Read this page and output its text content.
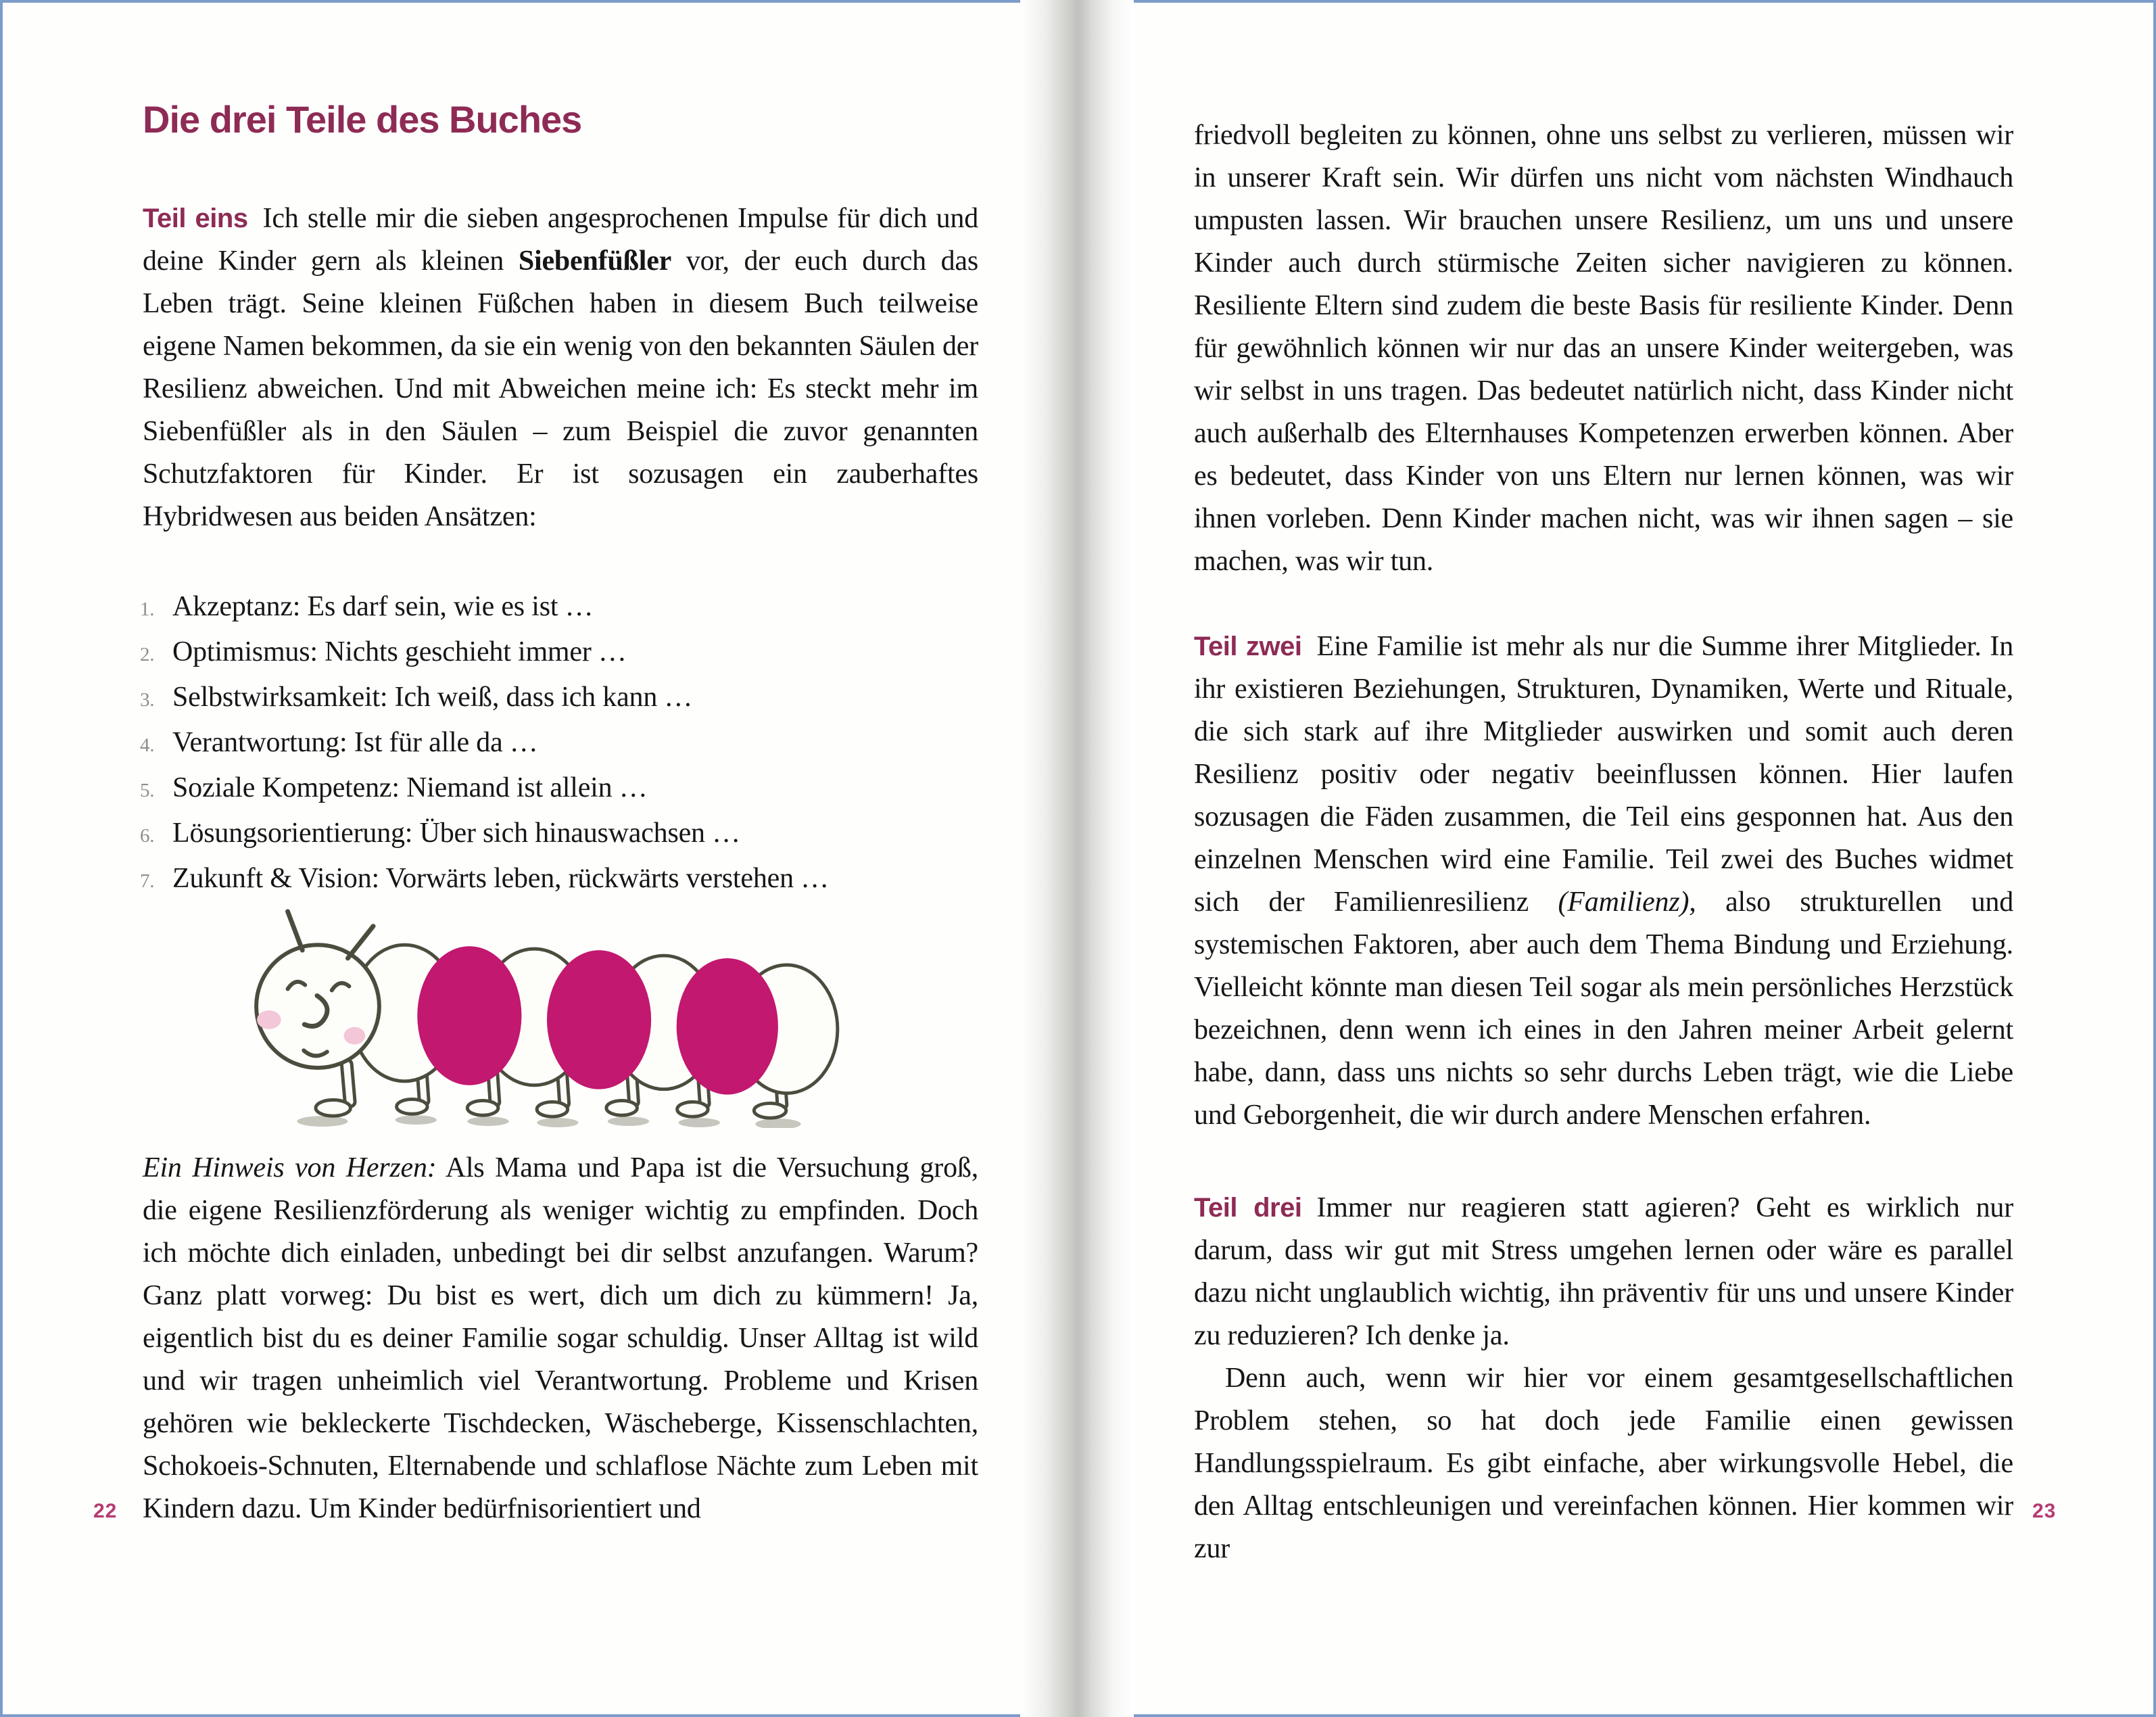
Die drei Teile des Buches
Teil eins Ich stelle mir die sieben angesprochenen Impulse für dich und deine Kinder gern als kleinen Siebenfüßler vor, der euch durch das Leben trägt. Seine kleinen Füßchen haben in diesem Buch teilweise eigene Namen bekommen, da sie ein wenig von den bekannten Säulen der Resilienz abweichen. Und mit Abweichen meine ich: Es steckt mehr im Siebenfüßler als in den Säulen – zum Beispiel die zuvor genannten Schutzfaktoren für Kinder. Er ist sozusagen ein zauberhaftes Hybridwesen aus beiden Ansätzen:
1. Akzeptanz: Es darf sein, wie es ist …
2. Optimismus: Nichts geschieht immer …
3. Selbstwirksamkeit: Ich weiß, dass ich kann …
4. Verantwortung: Ist für alle da …
5. Soziale Kompetenz: Niemand ist allein …
6. Lösungsorientierung: Über sich hinauswachsen …
7. Zukunft & Vision: Vorwärts leben, rückwärts verstehen …
Ein Hinweis von Herzen: Als Mama und Papa ist die Versuchung groß, die eigene Resilienzförderung als weniger wichtig zu empfinden. Doch ich möchte dich einladen, unbedingt bei dir selbst anzufangen. Warum? Ganz platt vorweg: Du bist es wert, dich um dich zu kümmern! Ja, eigentlich bist du es deiner Familie sogar schuldig. Unser Alltag ist wild und wir tragen unheimlich viel Verantwortung. Probleme und Krisen gehören wie bekleckerte Tischdecken, Wäscheberge, Kissenschlachten, Schokoeis-Schnuten, Elternabende und schlaflose Nächte zum Leben mit Kindern dazu. Um Kinder bedürfnisorientiert und
22
friedvoll begleiten zu können, ohne uns selbst zu verlieren, müssen wir in unserer Kraft sein. Wir dürfen uns nicht vom nächsten Windhauch umpusten lassen. Wir brauchen unsere Resilienz, um uns und unsere Kinder auch durch stürmische Zeiten sicher navigieren zu können. Resiliente Eltern sind zudem die beste Basis für resiliente Kinder. Denn für gewöhnlich können wir nur das an unsere Kinder weitergeben, was wir selbst in uns tragen. Das bedeutet natürlich nicht, dass Kinder nicht auch außerhalb des Elternhauses Kompetenzen erwerben können. Aber es bedeutet, dass Kinder von uns Eltern nur lernen können, was wir ihnen vorleben. Denn Kinder machen nicht, was wir ihnen sagen – sie machen, was wir tun.
Teil zwei Eine Familie ist mehr als nur die Summe ihrer Mitglieder. In ihr existieren Beziehungen, Strukturen, Dynamiken, Werte und Rituale, die sich stark auf ihre Mitglieder auswirken und somit auch deren Resilienz positiv oder negativ beeinflussen können. Hier laufen sozusagen die Fäden zusammen, die Teil eins gesponnen hat. Aus den einzelnen Menschen wird eine Familie. Teil zwei des Buches widmet sich der Familienresilienz (Familienz), also strukturellen und systemischen Faktoren, aber auch dem Thema Bindung und Erziehung. Vielleicht könnte man diesen Teil sogar als mein persönliches Herzstück bezeichnen, denn wenn ich eines in den Jahren meiner Arbeit gelernt habe, dann, dass uns nichts so sehr durchs Leben trägt, wie die Liebe und Geborgenheit, die wir durch andere Menschen erfahren.

Teil drei Immer nur reagieren statt agieren? Geht es wirklich nur darum, dass wir gut mit Stress umgehen lernen oder wäre es parallel dazu nicht unglaublich wichtig, ihn präventiv für uns und unsere Kinder zu reduzieren? Ich denke ja.

Denn auch, wenn wir hier vor einem gesamtgesellschaftlichen Problem stehen, so hat doch jede Familie einen gewissen Handlungsspielraum. Es gibt einfache, aber wirkungsvolle Hebel, die den Alltag entschleunigen und vereinfachen können. Hier kommen wir zur

23
